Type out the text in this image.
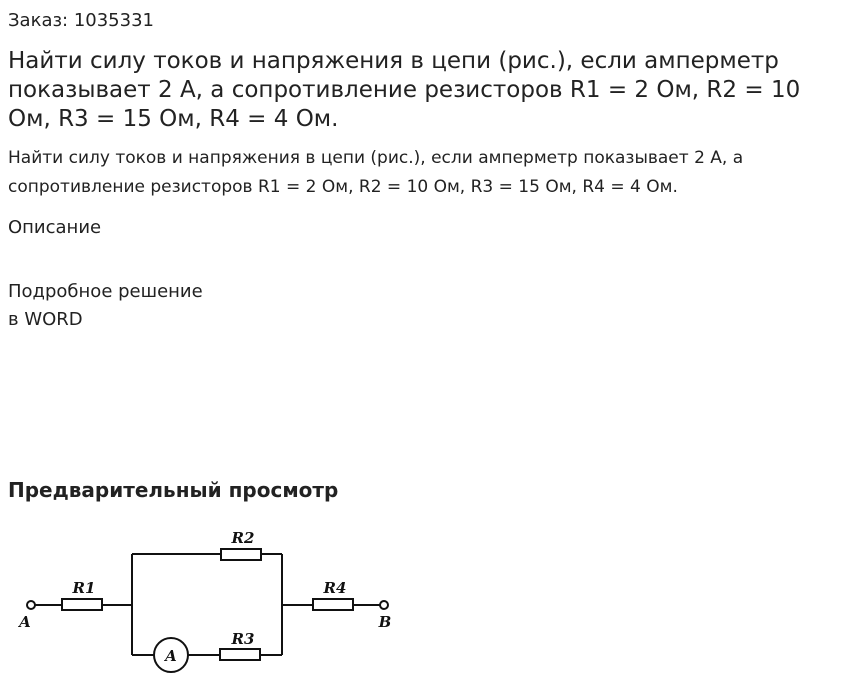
Заказ: 1035331
Найти силу токов и напряжения в цепи (рис.), если амперметр показывает 2 А, а сопротивление резисторов R1 = 2 Ом, R2 = 10 Ом, R3 = 15 Ом, R4 = 4 Ом.
Найти силу токов и напряжения в цепи (рис.), если амперметр показывает 2 А, а сопротивление резисторов R1 = 2 Ом, R2 = 10 Ом, R3 = 15 Ом, R4 = 4 Ом.
Описание
Подробное решение
в WORD
Предварительный просмотр
R1
R2
R3
R4
A
A	B
